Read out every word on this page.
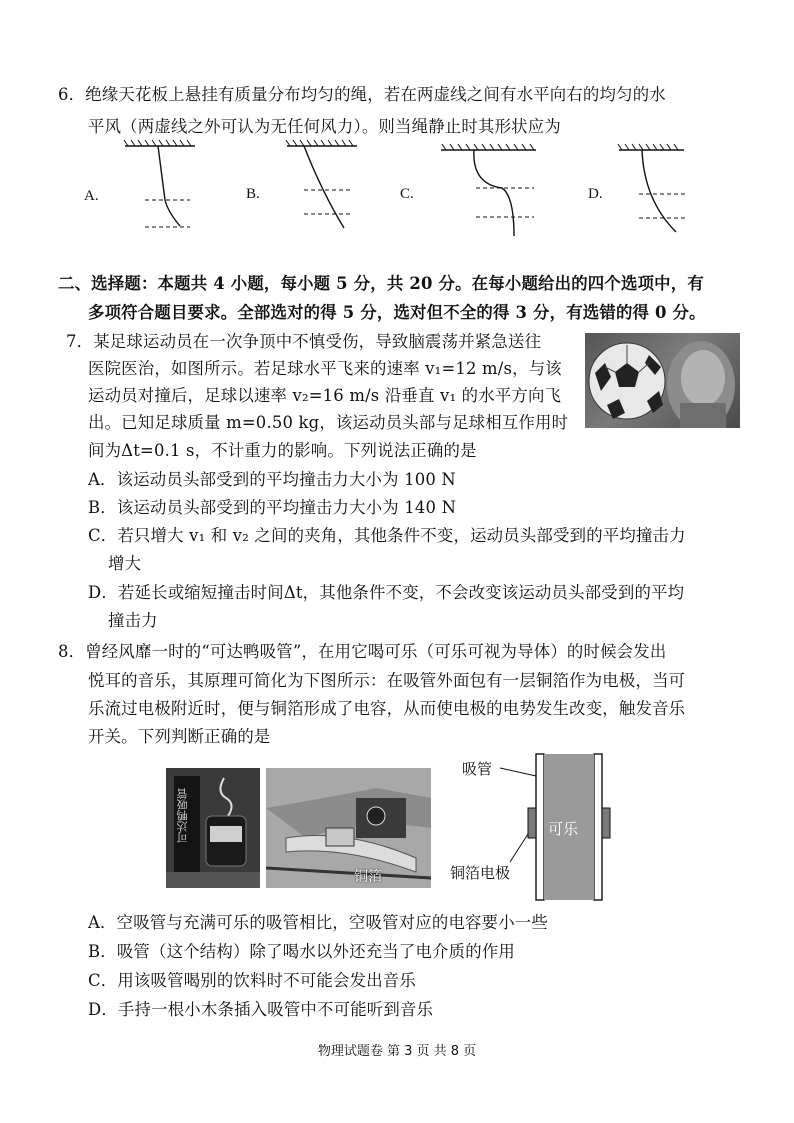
6．绝缘天花板上悬挂有质量分布均匀的绳，若在两虚线之间有水平向右的均匀的水
平风（两虚线之外可认为无任何风力）。则当绳静止时其形状应为
A.	B.	C.	D.
二、选择题：本题共 4 小题，每小题 5 分，共 20 分。在每小题给出的四个选项中，有
多项符合题目要求。全部选对的得 5 分，选对但不全的得 3 分，有选错的得 0 分。
7．某足球运动员在一次争顶中不慎受伤，导致脑震荡并紧急送往
医院医治，如图所示。若足球水平飞来的速率 v₁=12 m/s，与该
运动员对撞后，足球以速率 v₂=16 m/s 沿垂直 v₁ 的水平方向飞
出。已知足球质量 m=0.50 kg，该运动员头部与足球相互作用时
间为Δt=0.1 s，不计重力的影响。下列说法正确的是
A．该运动员头部受到的平均撞击力大小为 100 N
B．该运动员头部受到的平均撞击力大小为 140 N
C．若只增大 v₁ 和 v₂ 之间的夹角，其他条件不变，运动员头部受到的平均撞击力
增大
D．若延长或缩短撞击时间Δt，其他条件不变，不会改变该运动员头部受到的平均
撞击力
8．曾经风靡一时的“可达鸭吸管”，在用它喝可乐（可乐可视为导体）的时候会发出
悦耳的音乐，其原理可简化为下图所示：在吸管外面包有一层铜箔作为电极，当可
乐流过电极附近时，便与铜箔形成了电容，从而使电极的电势发生改变，触发音乐
开关。下列判断正确的是
可达鸭吸管
铜箔
吸管
可乐
铜箔电极
A．空吸管与充满可乐的吸管相比，空吸管对应的电容要小一些
B．吸管（这个结构）除了喝水以外还充当了电介质的作用
C．用该吸管喝别的饮料时不可能会发出音乐
D．手持一根小木条插入吸管中不可能听到音乐
物理试题卷 第 3 页 共 8 页
